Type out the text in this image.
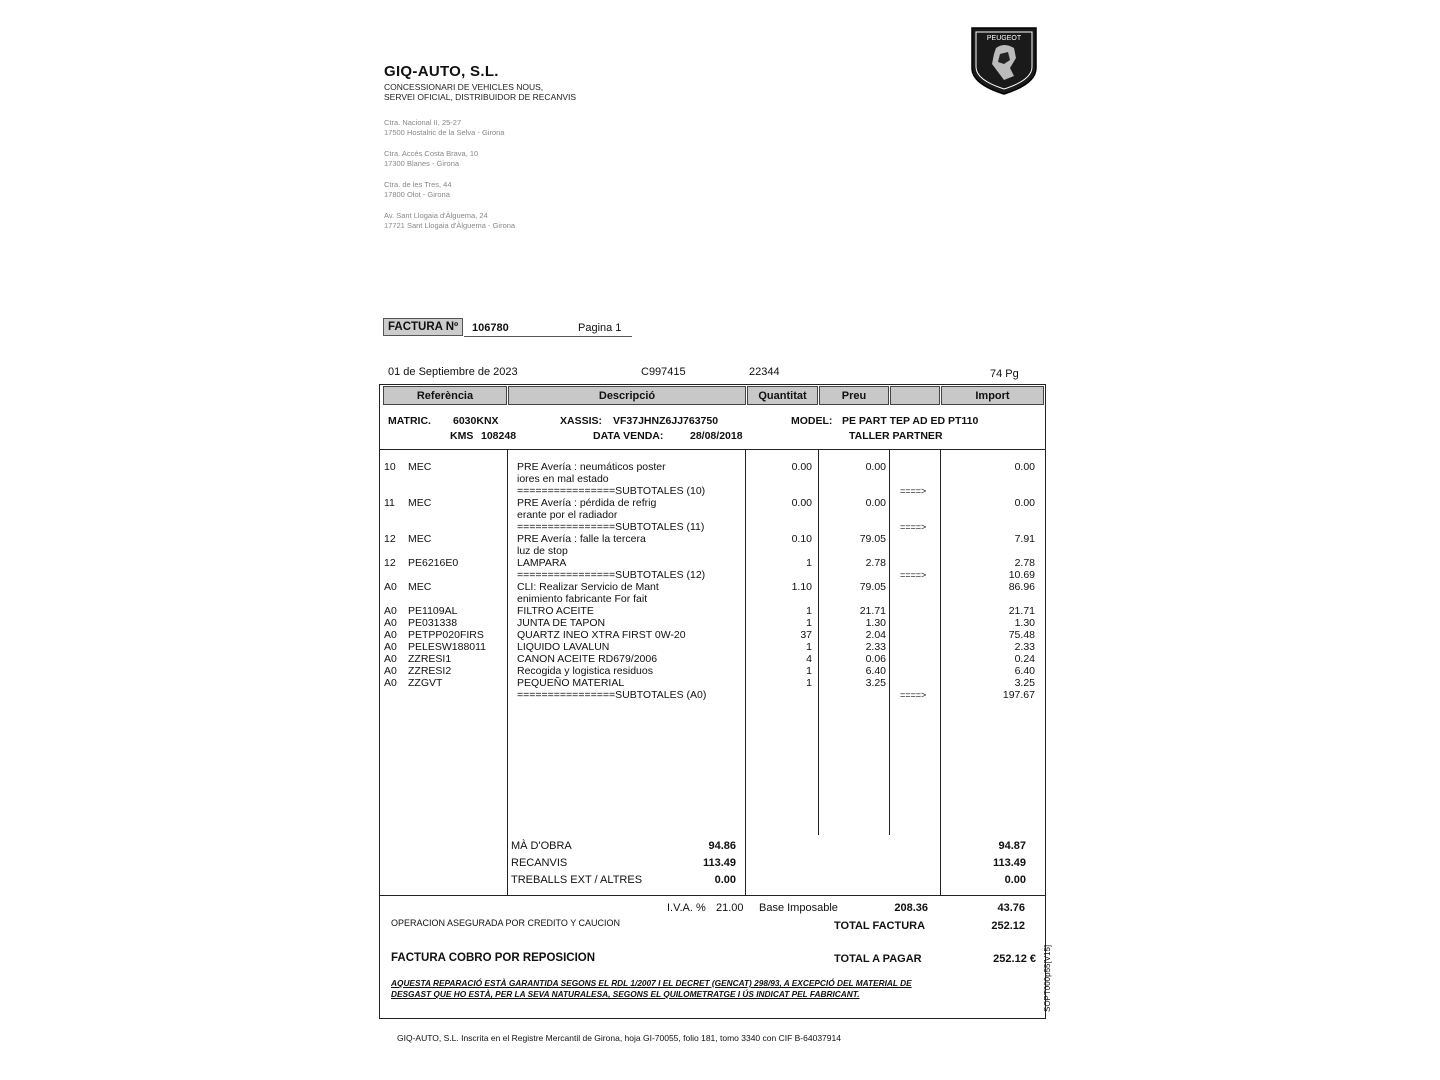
GIQ-AUTO, S.L.
CONCESSIONARI DE VEHICLES NOUS,
SERVEI OFICIAL, DISTRIBUIDOR DE RECANVIS
Ctra. Nacional II, 25-27
17500 Hostalric de la Selva - Girona
Ctra. Accés Costa Brava, 10
17300 Blanes - Girona
Ctra. de les Tres, 44
17800 Olot - Girona
Av. Sant Llogaia d'Àlguema, 24
17721 Sant Llogaia d'Àlguema - Girona
PEUGEOT
FACTURA Nº	106780	Pagina 1
01 de Septiembre de 2023	C997415	22344	74 Pg
Referència	Descripció	Quantitat	Preu	Import
MATRIC. 6030KNX	XASSIS: VF37JHNZ6JJ763750	MODEL: PE PART TEP AD ED PT110
KMS 108248	DATA VENDA:	28/08/2018	TALLER PARTNER
10	MEC	PRE Avería : neumáticos poster	0.00	0.00	0.00
iores en mal estado
================SUBTOTALES (10)	====>
11	MEC	PRE Avería : pérdida de refrig	0.00	0.00	0.00
erante por el radiador
================SUBTOTALES (11)	====>
12	MEC	PRE Avería : falle la tercera	0.10	79.05	7.91
luz de stop
12	PE6216E0	LAMPARA	1	2.78	2.78
================SUBTOTALES (12)	====>	10.69
A0	MEC	CLI: Realizar Servicio de Mant	1.10	79.05	86.96
enimiento fabricante For fait
A0	PE1109AL	FILTRO ACEITE	1	21.71	21.71
A0	PE031338	JUNTA DE TAPON	1	1.30	1.30
A0	PETPP020FIRS	QUARTZ INEO XTRA FIRST 0W-20	37	2.04	75.48
A0	PELESW188011	LIQUIDO LAVALUN	1	2.33	2.33
A0	ZZRESI1	CANON ACEITE RD679/2006	4	0.06	0.24
A0	ZZRESI2	Recogida y logistica residuos	1	6.40	6.40
A0	ZZGVT	PEQUEÑO MATERIAL	1	3.25	3.25
================SUBTOTALES (A0)	====>	197.67
MÀ D'OBRA	94.86	94.87
RECANVIS	113.49	113.49
TREBALLS EXT / ALTRES	0.00	0.00
I.V.A. % 21.00 Base Imposable	208.36	43.76
OPERACION ASEGURADA POR CREDITO Y CAUCION	TOTAL FACTURA	252.12
FACTURA COBRO POR REPOSICION	TOTAL A PAGAR	252.12 €
AQUESTA REPARACIÓ ESTÀ GARANTIDA SEGONS EL RDL 1/2007 I EL DECRET (GENCAT) 298/93, A EXCEPCIÓ DEL MATERIAL DE
DESGAST QUE HO ESTÀ, PER LA SEVA NATURALESA, SEGONS EL QUILOMETRATGE I ÚS INDICAT PEL FABRICANT.	SOPT000p55[V15]
GIQ-AUTO, S.L. Inscrita en el Registre Mercantil de Girona, hoja GI-70055, folio 181, tomo 3340 con CIF B-64037914
